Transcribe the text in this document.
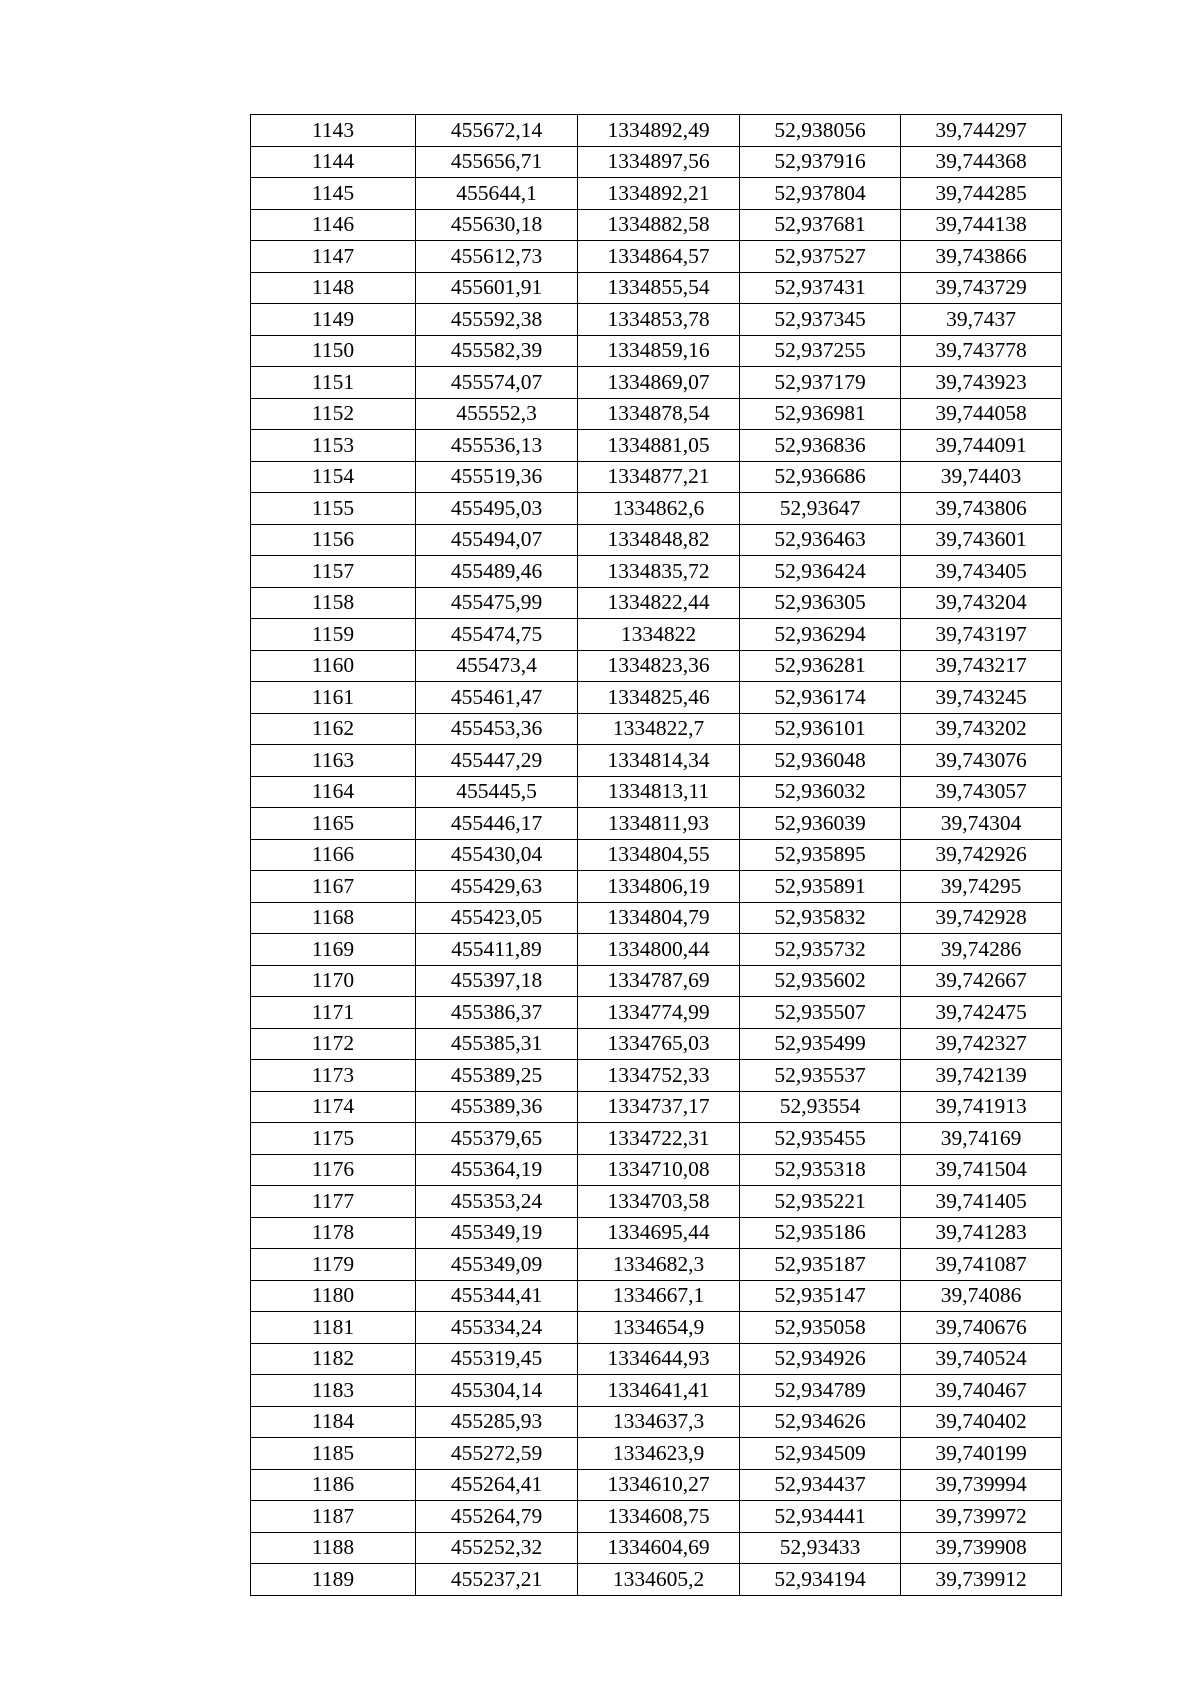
1143	455672,14	1334892,49	52,938056	39,744297
1144	455656,71	1334897,56	52,937916	39,744368
1145	455644,1	1334892,21	52,937804	39,744285
1146	455630,18	1334882,58	52,937681	39,744138
1147	455612,73	1334864,57	52,937527	39,743866
1148	455601,91	1334855,54	52,937431	39,743729
1149	455592,38	1334853,78	52,937345	39,7437
1150	455582,39	1334859,16	52,937255	39,743778
1151	455574,07	1334869,07	52,937179	39,743923
1152	455552,3	1334878,54	52,936981	39,744058
1153	455536,13	1334881,05	52,936836	39,744091
1154	455519,36	1334877,21	52,936686	39,74403
1155	455495,03	1334862,6	52,93647	39,743806
1156	455494,07	1334848,82	52,936463	39,743601
1157	455489,46	1334835,72	52,936424	39,743405
1158	455475,99	1334822,44	52,936305	39,743204
1159	455474,75	1334822	52,936294	39,743197
1160	455473,4	1334823,36	52,936281	39,743217
1161	455461,47	1334825,46	52,936174	39,743245
1162	455453,36	1334822,7	52,936101	39,743202
1163	455447,29	1334814,34	52,936048	39,743076
1164	455445,5	1334813,11	52,936032	39,743057
1165	455446,17	1334811,93	52,936039	39,74304
1166	455430,04	1334804,55	52,935895	39,742926
1167	455429,63	1334806,19	52,935891	39,74295
1168	455423,05	1334804,79	52,935832	39,742928
1169	455411,89	1334800,44	52,935732	39,74286
1170	455397,18	1334787,69	52,935602	39,742667
1171	455386,37	1334774,99	52,935507	39,742475
1172	455385,31	1334765,03	52,935499	39,742327
1173	455389,25	1334752,33	52,935537	39,742139
1174	455389,36	1334737,17	52,93554	39,741913
1175	455379,65	1334722,31	52,935455	39,74169
1176	455364,19	1334710,08	52,935318	39,741504
1177	455353,24	1334703,58	52,935221	39,741405
1178	455349,19	1334695,44	52,935186	39,741283
1179	455349,09	1334682,3	52,935187	39,741087
1180	455344,41	1334667,1	52,935147	39,74086
1181	455334,24	1334654,9	52,935058	39,740676
1182	455319,45	1334644,93	52,934926	39,740524
1183	455304,14	1334641,41	52,934789	39,740467
1184	455285,93	1334637,3	52,934626	39,740402
1185	455272,59	1334623,9	52,934509	39,740199
1186	455264,41	1334610,27	52,934437	39,739994
1187	455264,79	1334608,75	52,934441	39,739972
1188	455252,32	1334604,69	52,93433	39,739908
1189	455237,21	1334605,2	52,934194	39,739912
